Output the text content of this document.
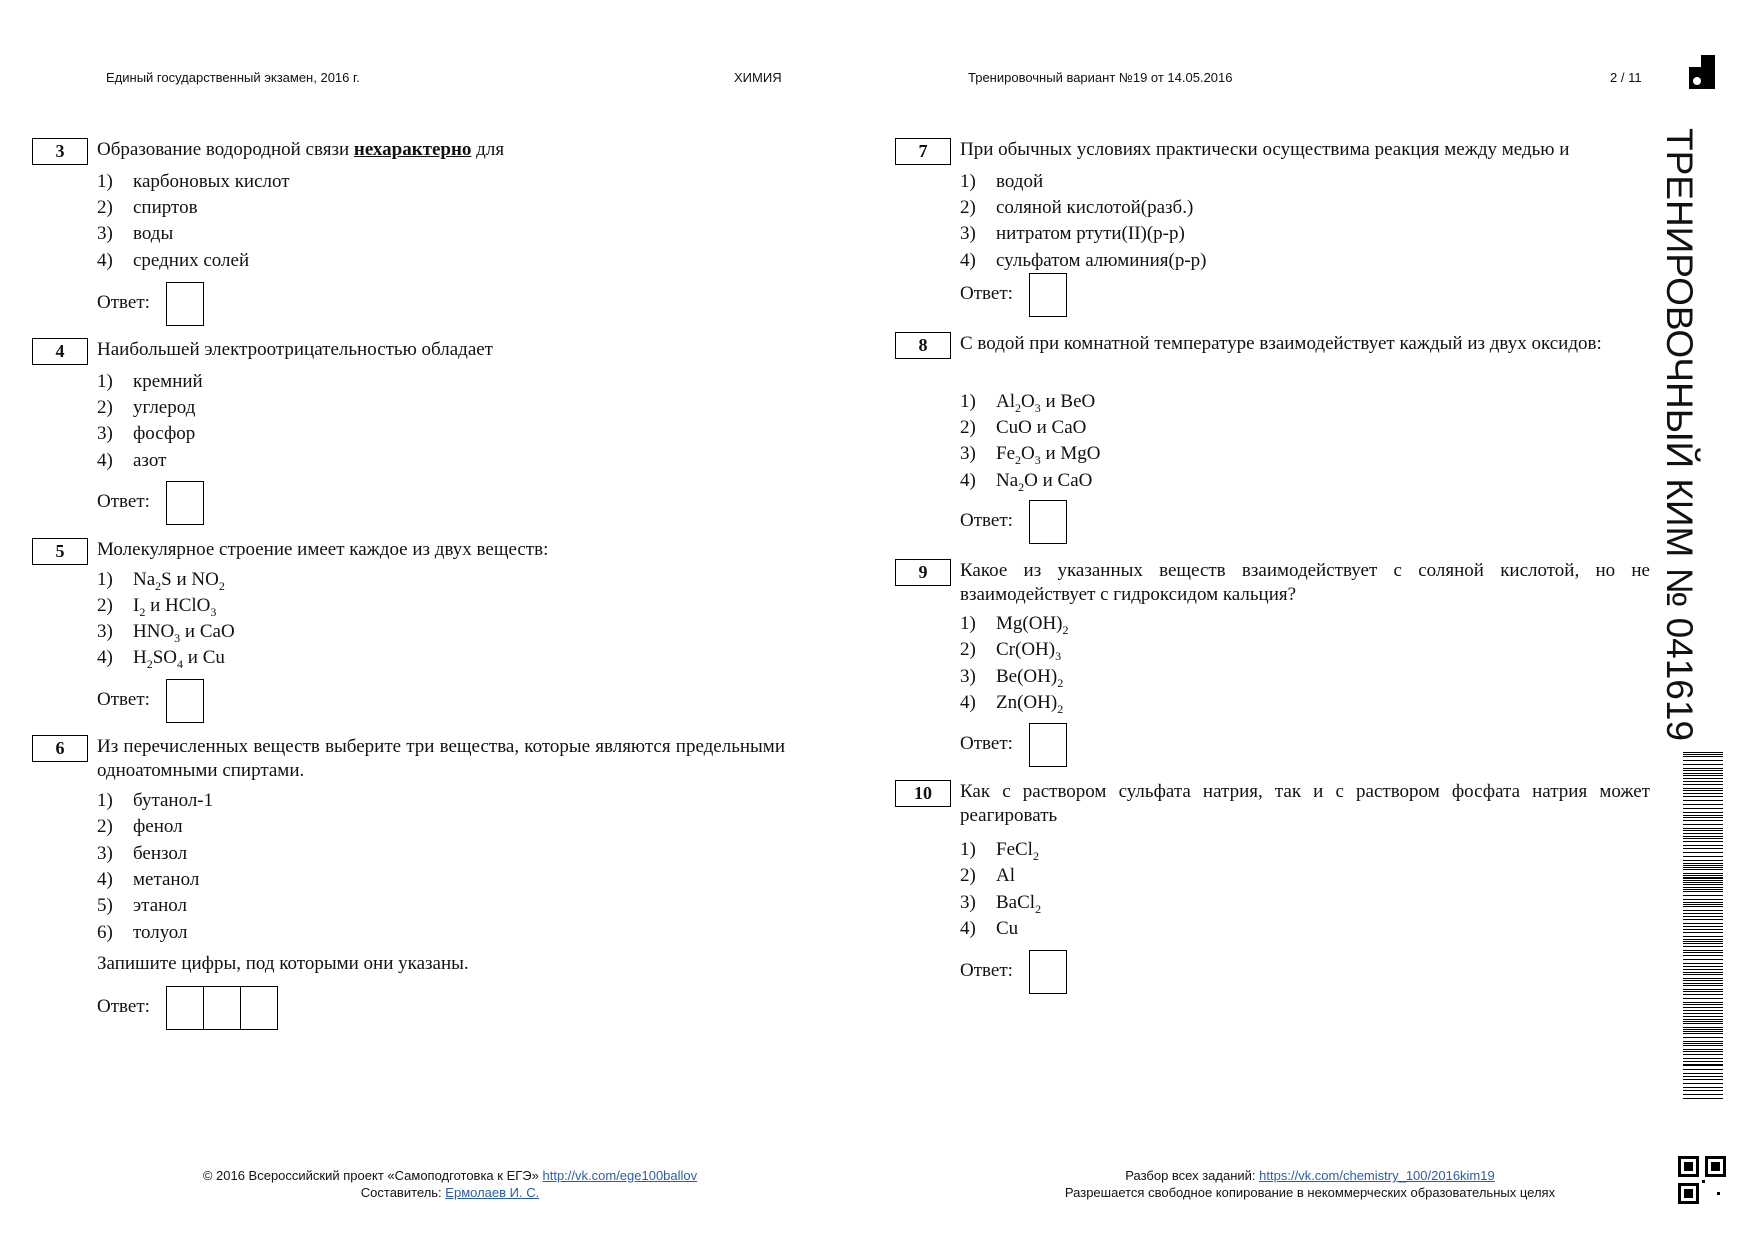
Единый государственный экзамен, 2016 г.	ХИМИЯ	Тренировочный вариант №19 от 14.05.2016	2 / 11
3	Образование водородной связи нехарактерно для
1) карбоновых кислот
2) спиртов
3) воды
4) средних солей
Ответ:
4	Наибольшей электроотрицательностью обладает
1) кремний
2) углерод
3) фосфор
4) азот
Ответ:
5	Молекулярное строение имеет каждое из двух веществ:
1) $Na_2S$ и $NO_2$
2) $I_2$ и HClO$_3$
3) $HNO_3$ и CaO
4) $H_2SO_4$ и Cu
Ответ:
6	Из перечисленных веществ выберите три вещества, которые являются предельными одноатомными спиртами.
1) бутанол-1
2) фенол
3) бензол
4) метанол
5) этанол
6) толуол
Запишите цифры, под которыми они указаны.
Ответ:
7	При обычных условиях практически осуществима реакция между медью и
1) водой
2) соляной кислотой(разб.)
3) нитратом ртути(II)(р-р)
4) сульфатом алюминия(р-р)
Ответ:
8	С водой при комнатной температуре взаимодействует каждый из двух оксидов:
1) $Al_2O_3$ и BeO
2) CuO и CaO
3) $Fe_2O_3$ и MgO
4) $Na_2O$ и CaO
Ответ:
9	Какое из указанных веществ взаимодействует с соляной кислотой, но не взаимодействует с гидроксидом кальция?
1) $Mg(OH)_2$
2) $Cr(OH)_3$
3) $Be(OH)_2$
4) $Zn(OH)_2$
Ответ:
10	Как с раствором сульфата натрия, так и с раствором фосфата натрия может реагировать
1) FeCl$_2$
2) Al
3) BaCl$_2$
4) Cu
Ответ:
ТРЕНИРОВОЧНЫЙ КИМ № 041619
© 2016 Всероссийский проект «Самоподготовка к ЕГЭ» http://vk.com/ege100ballov
Составитель: Ермолаев И. С.
Разбор всех заданий: https://vk.com/chemistry_100/2016kim19
Разрешается свободное копирование в некоммерческих образовательных целях
